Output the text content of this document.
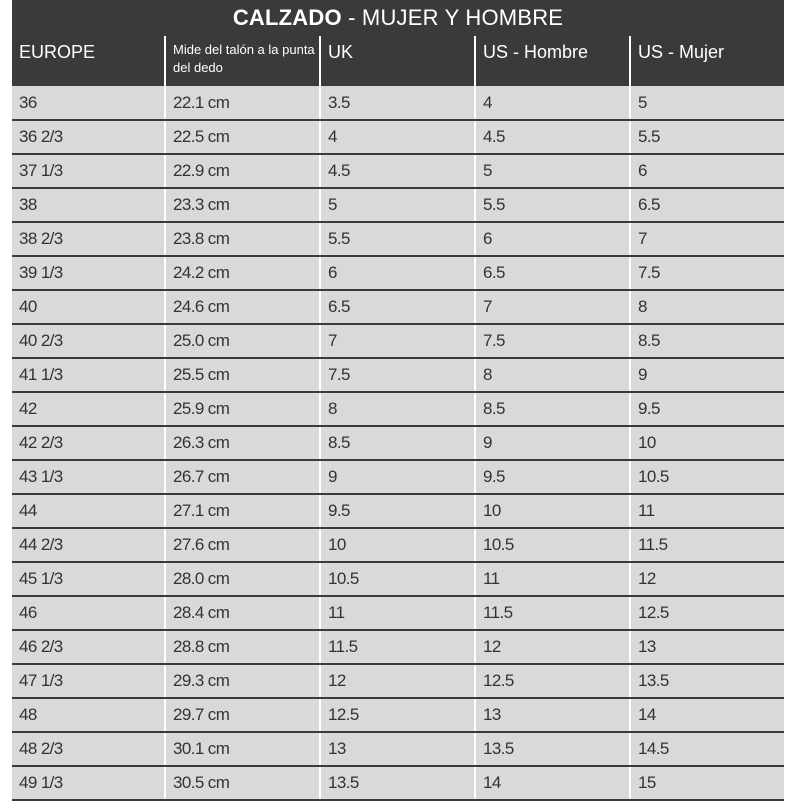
CALZADO - MUJER Y HOMBRE
EUROPE	Mide del talón a la punta del dedo	UK	US - Hombre	US - Mujer
36	22.1 cm	3.5	4	5
36 2/3	22.5 cm	4	4.5	5.5
37 1/3	22.9 cm	4.5	5	6
38	23.3 cm	5	5.5	6.5
38 2/3	23.8 cm	5.5	6	7
39 1/3	24.2 cm	6	6.5	7.5
40	24.6 cm	6.5	7	8
40 2/3	25.0 cm	7	7.5	8.5
41 1/3	25.5 cm	7.5	8	9
42	25.9 cm	8	8.5	9.5
42 2/3	26.3 cm	8.5	9	10
43 1/3	26.7 cm	9	9.5	10.5
44	27.1 cm	9.5	10	11
44 2/3	27.6 cm	10	10.5	11.5
45 1/3	28.0 cm	10.5	11	12
46	28.4 cm	11	11.5	12.5
46 2/3	28.8 cm	11.5	12	13
47 1/3	29.3 cm	12	12.5	13.5
48	29.7 cm	12.5	13	14
48 2/3	30.1 cm	13	13.5	14.5
49 1/3	30.5 cm	13.5	14	15
